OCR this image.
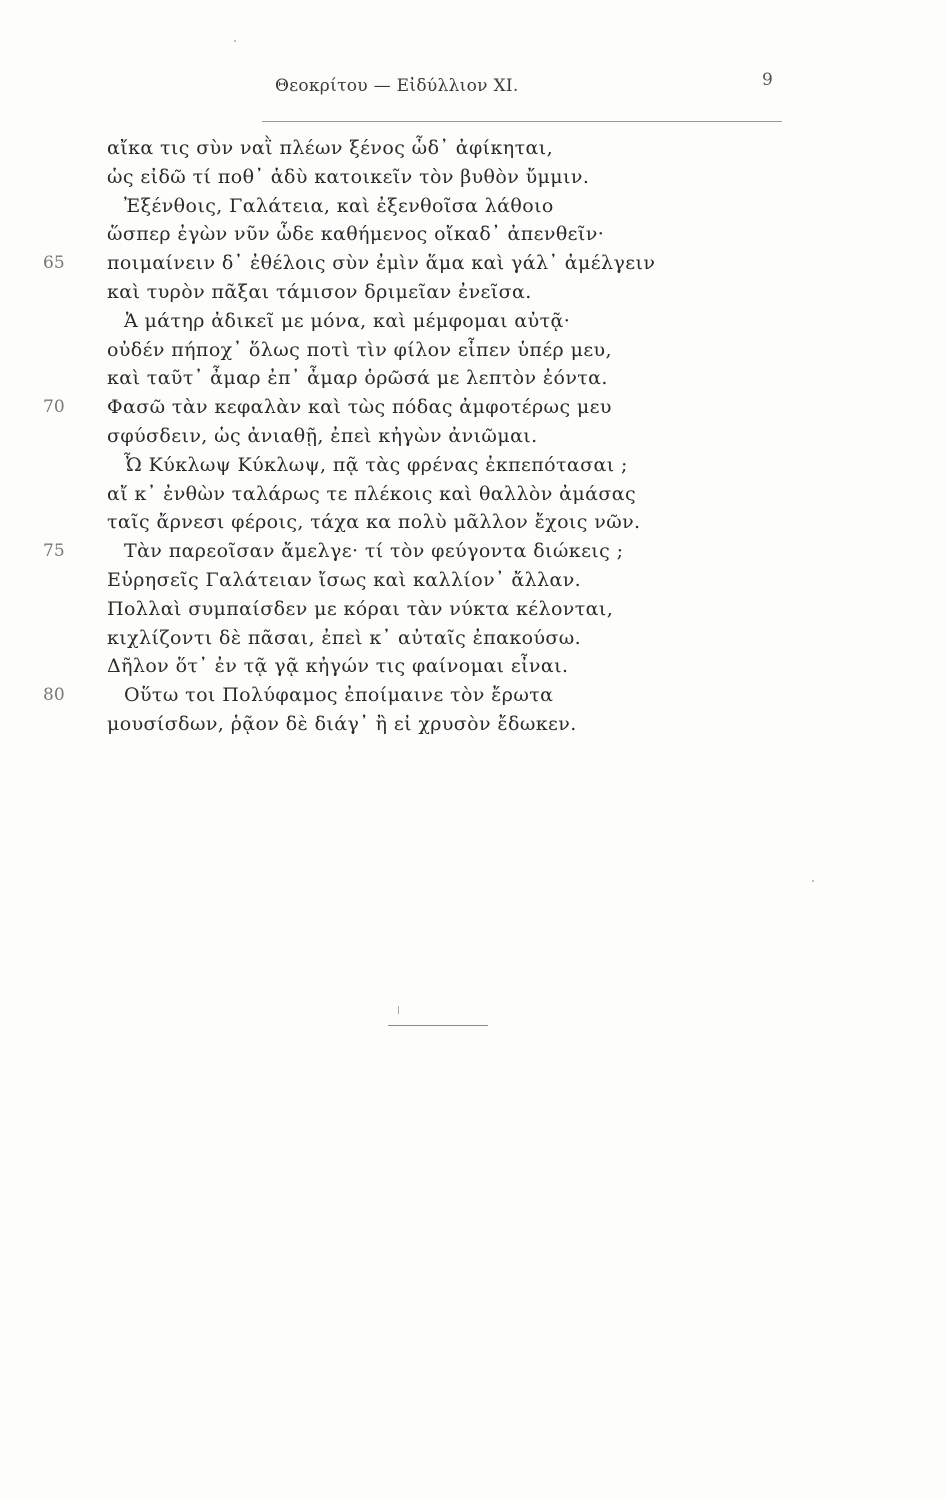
Θεοκρίτου — Εἰδύλλιον XI.	9
αἴκα τις σὺν ναῒ πλέων ξένος ὧδ᾽ ἀφίκηται,
ὡς εἰδῶ τί ποθ᾽ ἁδὺ κατοικεῖν τὸν βυθὸν ὔμμιν.
Ἐξένθοις, Γαλάτεια, καὶ ἐξενθοῖσα λάθοιο
ὥσπερ ἐγὼν νῦν ὧδε καθήμενος οἴκαδ᾽ ἀπενθεῖν·
ποιμαίνειν δ᾽ ἐθέλοις σὺν ἐμὶν ἅμα καὶ γάλ᾽ ἀμέλγειν
65
καὶ τυρὸν πᾶξαι τάμισον δριμεῖαν ἐνεῖσα.
Ἁ μάτηρ ἀδικεῖ με μόνα, καὶ μέμφομαι αὐτᾷ·
οὐδέν πήποχ᾽ ὅλως ποτὶ τὶν φίλον εἶπεν ὑπέρ μευ,
καὶ ταῦτ᾽ ἆμαρ ἐπ᾽ ἆμαρ ὁρῶσά με λεπτὸν ἐόντα.
Φασῶ τὰν κεφαλὰν καὶ τὼς πόδας ἀμφοτέρως μευ
70
σφύσδειν, ὡς ἀνιαθῇ, ἐπεὶ κἠγὼν ἀνιῶμαι.
Ὦ Κύκλωψ Κύκλωψ, πᾷ τὰς φρένας ἐκπεπότασαι ;
αἴ κ᾽ ἐνθὼν ταλάρως τε πλέκοις καὶ θαλλὸν ἀμάσας
ταῖς ἄρνεσι φέροις, τάχα κα πολὺ μᾶλλον ἔχοις νῶν.
Τὰν παρεοῖσαν ἄμελγε· τί τὸν φεύγοντα διώκεις ;
75
Εὑρησεῖς Γαλάτειαν ἴσως καὶ καλλίον᾽ ἄλλαν.
Πολλαὶ συμπαίσδεν με κόραι τὰν νύκτα κέλονται,
κιχλίζοντι δὲ πᾶσαι, ἐπεὶ κ᾽ αὐταῖς ἐπακούσω.
Δῆλον ὅτ᾽ ἐν τᾷ γᾷ κἠγών τις φαίνομαι εἶναι.
Οὕτω τοι Πολύφαμος ἐποίμαινε τὸν ἔρωτα
80
μουσίσδων, ῥᾷον δὲ διάγ᾽ ἢ εἰ χρυσὸν ἔδωκεν.
